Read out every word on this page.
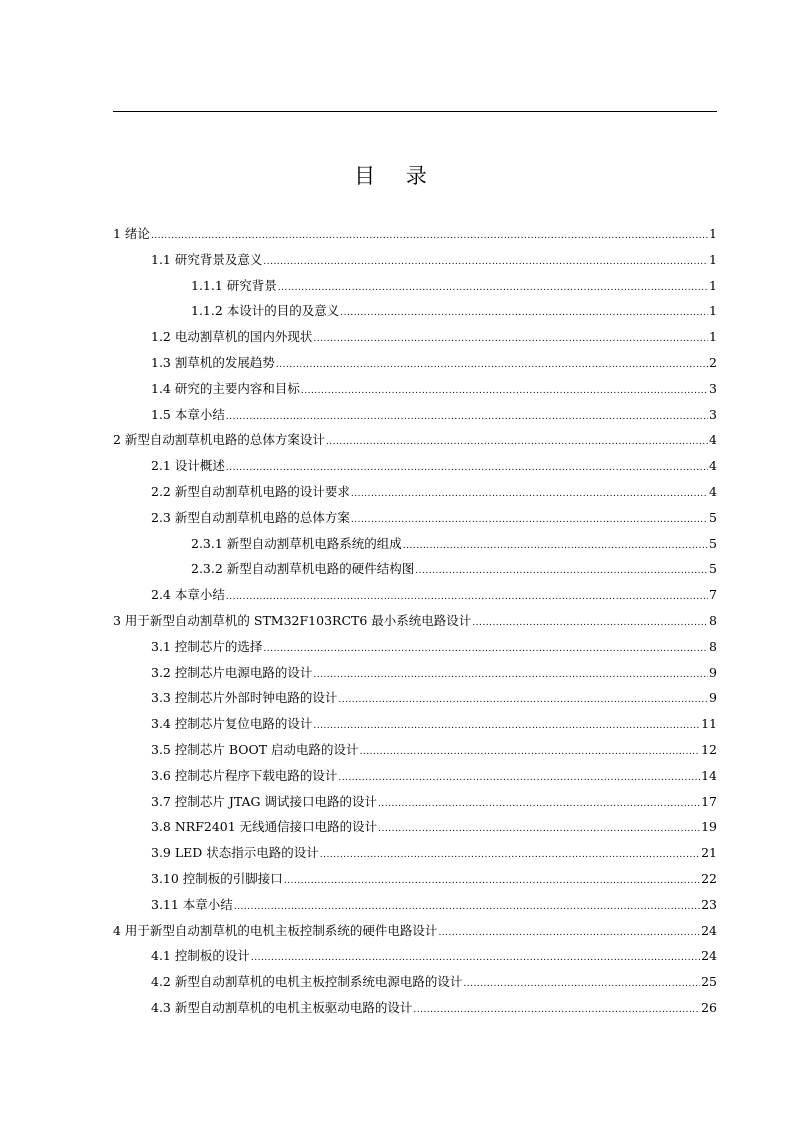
目 录
1 绪论 .....	1
1.1 研究背景及意义 .....	1
1.1.1 研究背景 .....	1
1.1.2 本设计的目的及意义 .....	1
1.2 电动割草机的国内外现状 .....	1
1.3 割草机的发展趋势 .....	2
1.4 研究的主要内容和目标 .....	3
1.5 本章小结 .....	3
2 新型自动割草机电路的总体方案设计 .....	4
2.1 设计概述 .....	4
2.2 新型自动割草机电路的设计要求 .....	4
2.3 新型自动割草机电路的总体方案 .....	5
2.3.1 新型自动割草机电路系统的组成 .....	5
2.3.2 新型自动割草机电路的硬件结构图 .....	5
2.4 本章小结 .....	7
3 用于新型自动割草机的 STM32F103RCT6 最小系统电路设计 .....	8
3.1 控制芯片的选择 .....	8
3.2 控制芯片电源电路的设计 .....	9
3.3 控制芯片外部时钟电路的设计 .....	9
3.4 控制芯片复位电路的设计 .....	11
3.5 控制芯片 BOOT 启动电路的设计 .....	12
3.6 控制芯片程序下载电路的设计 .....	14
3.7 控制芯片 JTAG 调试接口电路的设计 .....	17
3.8 NRF2401 无线通信接口电路的设计 .....	19
3.9 LED 状态指示电路的设计 .....	21
3.10 控制板的引脚接口 .....	22
3.11 本章小结 .....	23
4 用于新型自动割草机的电机主板控制系统的硬件电路设计 .....	24
4.1 控制板的设计 .....	24
4.2 新型自动割草机的电机主板控制系统电源电路的设计 .....	25
4.3 新型自动割草机的电机主板驱动电路的设计 .....	26
